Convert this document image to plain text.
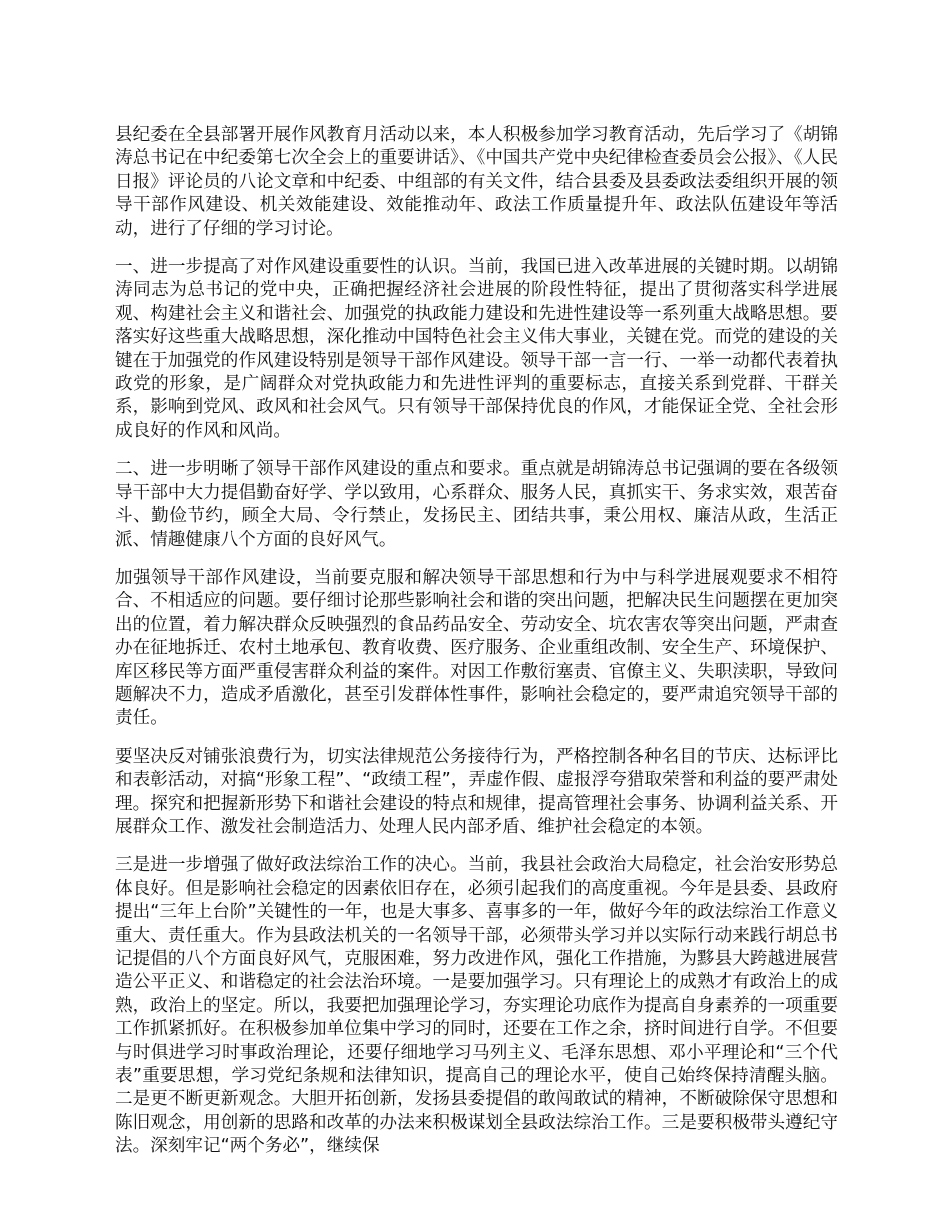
县纪委在全县部署开展作风教育月活动以来，本人积极参加学习教育活动，先后学习了《胡锦涛总书记在中纪委第七次全会上的重要讲话》、《中国共产党中央纪律检查委员会公报》、《人民日报》评论员的八论文章和中纪委、中组部的有关文件，结合县委及县委政法委组织开展的领导干部作风建设、机关效能建设、效能推动年、政法工作质量提升年、政法队伍建设年等活动，进行了仔细的学习讨论。

一、进一步提高了对作风建设重要性的认识。当前，我国已进入改革进展的关键时期。以胡锦涛同志为总书记的党中央，正确把握经济社会进展的阶段性特征，提出了贯彻落实科学进展观、构建社会主义和谐社会、加强党的执政能力建设和先进性建设等一系列重大战略思想。要落实好这些重大战略思想，深化推动中国特色社会主义伟大事业，关键在党。而党的建设的关键在于加强党的作风建设特别是领导干部作风建设。领导干部一言一行、一举一动都代表着执政党的形象，是广阔群众对党执政能力和先进性评判的重要标志，直接关系到党群、干群关系，影响到党风、政风和社会风气。只有领导干部保持优良的作风，才能保证全党、全社会形成良好的作风和风尚。

二、进一步明晰了领导干部作风建设的重点和要求。重点就是胡锦涛总书记强调的要在各级领导干部中大力提倡勤奋好学、学以致用，心系群众、服务人民，真抓实干、务求实效，艰苦奋斗、勤俭节约，顾全大局、令行禁止，发扬民主、团结共事，秉公用权、廉洁从政，生活正派、情趣健康八个方面的良好风气。

加强领导干部作风建设，当前要克服和解决领导干部思想和行为中与科学进展观要求不相符合、不相适应的问题。要仔细讨论那些影响社会和谐的突出问题，把解决民生问题摆在更加突出的位置，着力解决群众反映强烈的食品药品安全、劳动安全、坑农害农等突出问题，严肃查办在征地拆迁、农村土地承包、教育收费、医疗服务、企业重组改制、安全生产、环境保护、库区移民等方面严重侵害群众利益的案件。对因工作敷衍塞责、官僚主义、失职渎职，导致问题解决不力，造成矛盾激化，甚至引发群体性事件，影响社会稳定的，要严肃追究领导干部的责任。

要坚决反对铺张浪费行为，切实法律规范公务接待行为，严格控制各种名目的节庆、达标评比和表彰活动，对搞“形象工程”、“政绩工程”，弄虚作假、虚报浮夸猎取荣誉和利益的要严肃处理。探究和把握新形势下和谐社会建设的特点和规律，提高管理社会事务、协调利益关系、开展群众工作、激发社会制造活力、处理人民内部矛盾、维护社会稳定的本领。

三是进一步增强了做好政法综治工作的决心。当前，我县社会政治大局稳定，社会治安形势总体良好。但是影响社会稳定的因素依旧存在，必须引起我们的高度重视。今年是县委、县政府提出“三年上台阶”关键性的一年，也是大事多、喜事多的一年，做好今年的政法综治工作意义重大、责任重大。作为县政法机关的一名领导干部，必须带头学习并以实际行动来践行胡总书记提倡的八个方面良好风气，克服困难，努力改进作风，强化工作措施，为黟县大跨越进展营造公平正义、和谐稳定的社会法治环境。一是要加强学习。只有理论上的成熟才有政治上的成熟，政治上的坚定。所以，我要把加强理论学习，夯实理论功底作为提高自身素养的一项重要工作抓紧抓好。在积极参加单位集中学习的同时，还要在工作之余，挤时间进行自学。不但要与时俱进学习时事政治理论，还要仔细地学习马列主义、毛泽东思想、邓小平理论和“三个代表”重要思想，学习党纪条规和法律知识，提高自己的理论水平，使自己始终保持清醒头脑。二是更不断更新观念。大胆开拓创新，发扬县委提倡的敢闯敢试的精神，不断破除保守思想和陈旧观念，用创新的思路和改革的办法来积极谋划全县政法综治工作。三是要积极带头遵纪守法。深刻牢记“两个务必”，继续保
